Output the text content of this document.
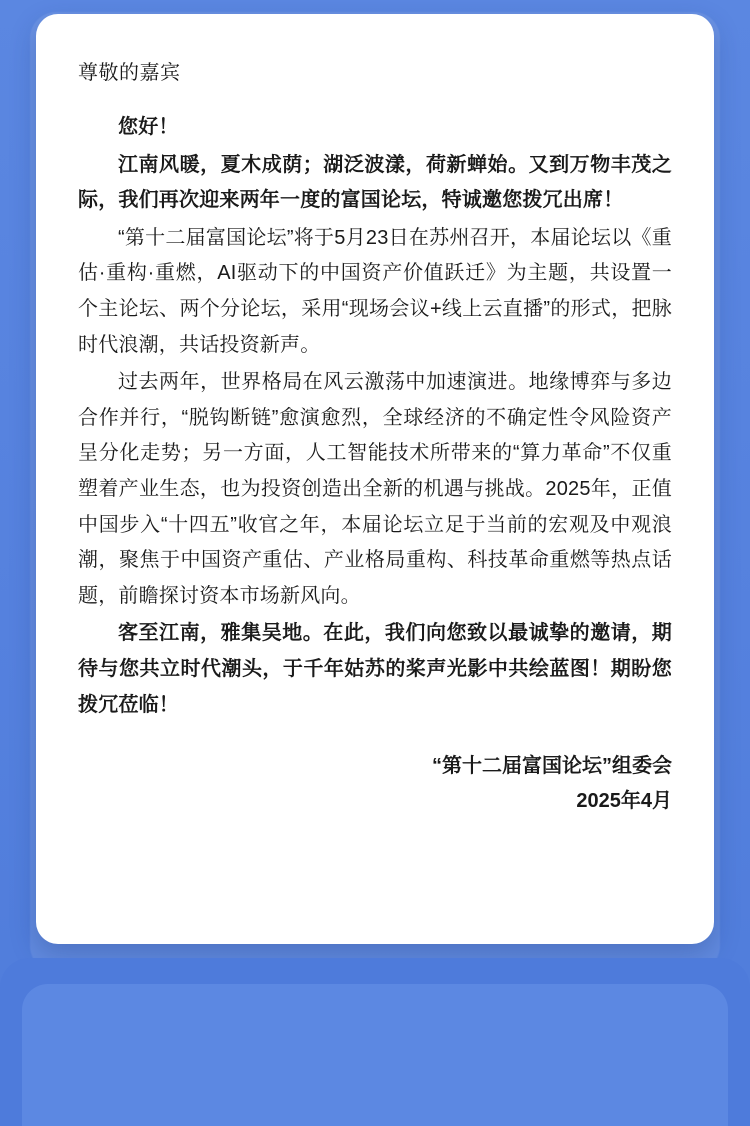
尊敬的嘉宾

您好！

江南风暖，夏木成荫；湖泛波漾，荷新蝉始。又到万物丰茂之际，我们再次迎来两年一度的富国论坛，特诚邀您拨冗出席！

“第十二届富国论坛”将于5月23日在苏州召开，本届论坛以《重估·重构·重燃，AI驱动下的中国资产价值跃迁》为主题，共设置一个主论坛、两个分论坛，采用“现场会议+线上云直播”的形式，把脉时代浪潮，共话投资新声。

过去两年，世界格局在风云激荡中加速演进。地缘博弈与多边合作并行，“脱钩断链”愈演愈烈，全球经济的不确定性令风险资产呈分化走势；另一方面，人工智能技术所带来的“算力革命”不仅重塑着产业生态，也为投资创造出全新的机遇与挑战。2025年，正值中国步入“十四五”收官之年，本届论坛立足于当前的宏观及中观浪潮，聚焦于中国资产重估、产业格局重构、科技革命重燃等热点话题，前瞻探讨资本市场新风向。

客至江南，雅集吴地。在此，我们向您致以最诚挚的邀请，期待与您共立时代潮头，于千年姑苏的桨声光影中共绘蓝图！期盼您拨冗莅临！

“第十二届富国论坛”组委会
2025年4月
